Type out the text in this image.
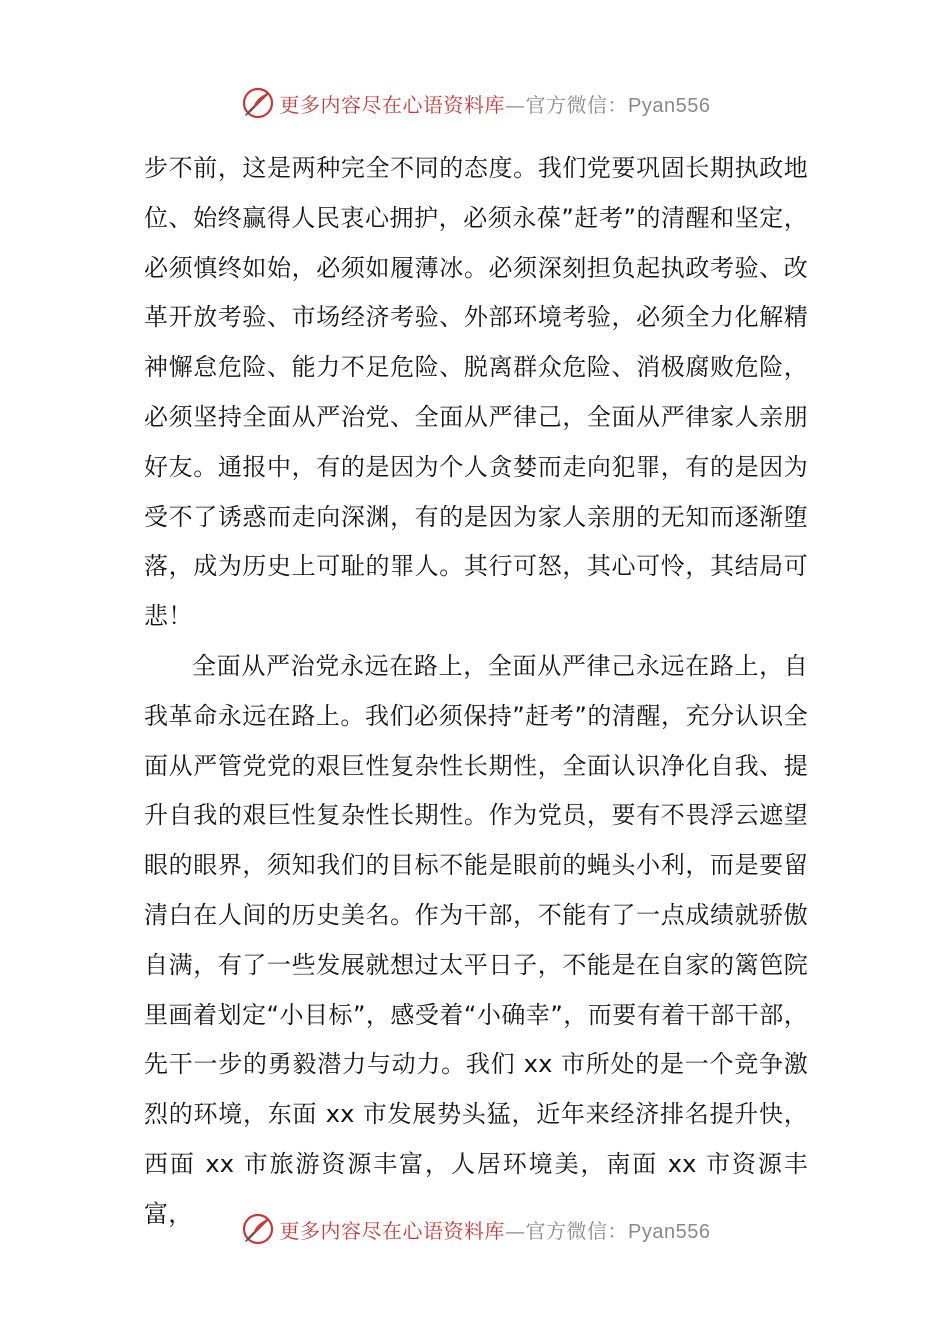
更多内容尽在心语资料库—官方微信：Pyan556

步不前，这是两种完全不同的态度。我们党要巩固长期执政地位、始终赢得人民衷心拥护，必须永葆”赶考”的清醒和坚定，必须慎终如始，必须如履薄冰。必须深刻担负起执政考验、改革开放考验、市场经济考验、外部环境考验，必须全力化解精神懈怠危险、能力不足危险、脱离群众危险、消极腐败危险，必须坚持全面从严治党、全面从严律己，全面从严律家人亲朋好友。通报中，有的是因为个人贪婪而走向犯罪，有的是因为受不了诱惑而走向深渊，有的是因为家人亲朋的无知而逐渐堕落，成为历史上可耻的罪人。其行可怒，其心可怜，其结局可悲！

全面从严治党永远在路上，全面从严律己永远在路上，自我革命永远在路上。我们必须保持”赶考”的清醒，充分认识全面从严管党党的艰巨性复杂性长期性，全面认识净化自我、提升自我的艰巨性复杂性长期性。作为党员，要有不畏浮云遮望眼的眼界，须知我们的目标不能是眼前的蝇头小利，而是要留清白在人间的历史美名。作为干部，不能有了一点成绩就骄傲自满，有了一些发展就想过太平日子，不能是在自家的篱笆院里画着划定“小目标”，感受着“小确幸”，而要有着干部干部，先干一步的勇毅潜力与动力。我们 xx 市所处的是一个竞争激烈的环境，东面 xx 市发展势头猛，近年来经济排名提升快，西面 xx 市旅游资源丰富，人居环境美，南面 xx 市资源丰富，

更多内容尽在心语资料库—官方微信：Pyan556
